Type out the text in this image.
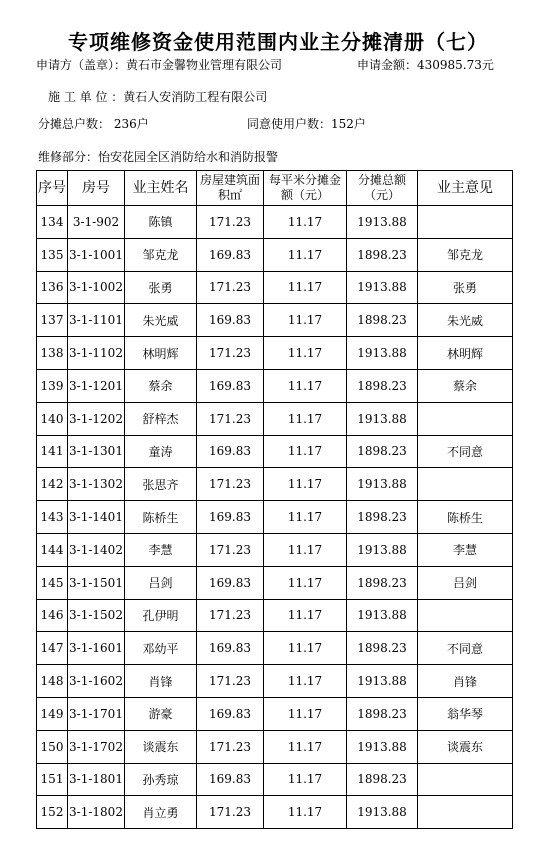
专项维修资金使用范围内业主分摊清册（七）
申请方（盖章）：黄石市金馨物业管理有限公司	申请金额：430985.73元
施 工 单 位 ：黄石人安消防工程有限公司
分摊总户数： 236户	同意使用户数：152户
维修部分：怡安花园全区消防给水和消防报警
序号	房号	业主姓名	房屋建筑面积㎡	每平米分摊金额（元）	分摊总额（元）	业主意见
134	3-1-902	陈镇	171.23	11.17	1913.88	
135	3-1-1001	邹克龙	169.83	11.17	1898.23	邹克龙
136	3-1-1002	张勇	171.23	11.17	1913.88	张勇
137	3-1-1101	朱光威	169.83	11.17	1898.23	朱光威
138	3-1-1102	林明辉	171.23	11.17	1913.88	林明辉
139	3-1-1201	蔡余	169.83	11.17	1898.23	蔡余
140	3-1-1202	舒梓杰	171.23	11.17	1913.88	
141	3-1-1301	童涛	169.83	11.17	1898.23	不同意
142	3-1-1302	张思齐	171.23	11.17	1913.88	
143	3-1-1401	陈桥生	169.83	11.17	1898.23	陈桥生
144	3-1-1402	李慧	171.23	11.17	1913.88	李慧
145	3-1-1501	吕剑	169.83	11.17	1898.23	吕剑
146	3-1-1502	孔伊明	171.23	11.17	1913.88	
147	3-1-1601	邓幼平	169.83	11.17	1898.23	不同意
148	3-1-1602	肖锋	171.23	11.17	1913.88	肖锋
149	3-1-1701	游豪	169.83	11.17	1898.23	翁华琴
150	3-1-1702	谈震东	171.23	11.17	1913.88	谈震东
151	3-1-1801	孙秀琼	169.83	11.17	1898.23	
152	3-1-1802	肖立勇	171.23	11.17	1913.88	
